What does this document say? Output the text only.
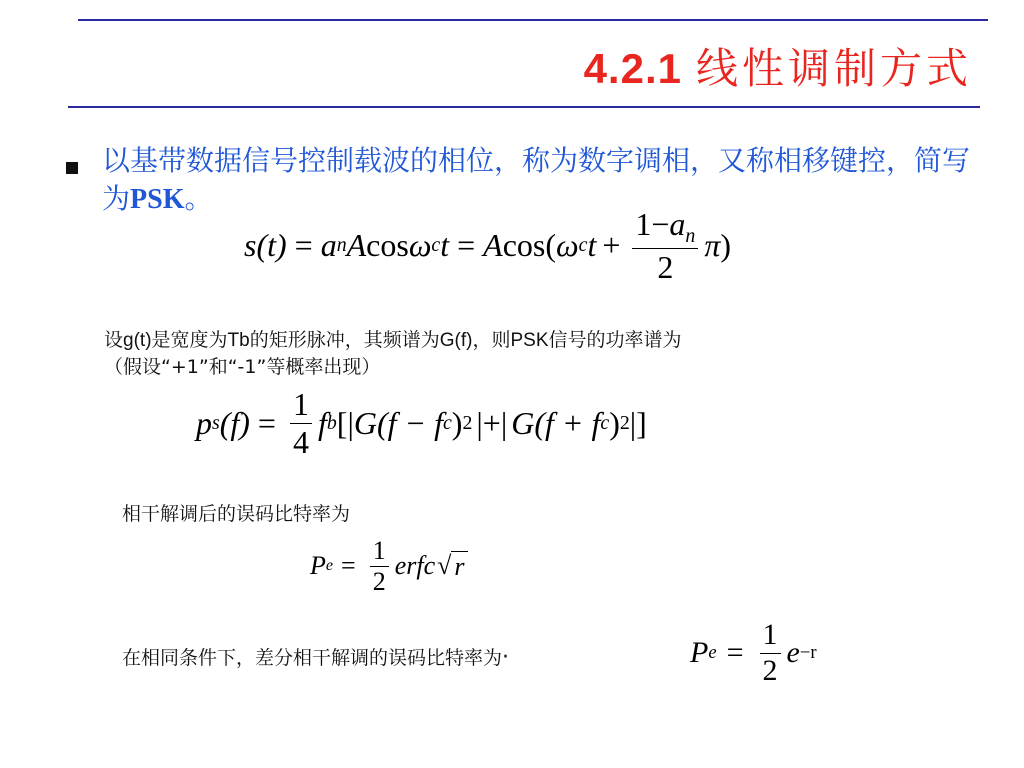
4.2.1 线性调制方式
以基带数据信号控制载波的相位，称为数字调相，又称相移键控，简写为PSK。
s(t) = a n A cos ω c t = A cos( ω c $t + \frac{1-a_n}{2}$ π )
设g(t)是宽度为Tb的矩形脉冲，其频谱为G(f)，则PSK信号的功率谱为
（假设“+1”和“-1”等概率出现）
p s $(f) = \frac{1}{4}$ f b [| G (f − f c ) 2 |+| G (f + f c ) 2 |]
相干解调后的误码比特率为
P $e = \frac{1}{2}$ erfc √ r
在相同条件下，差分相干解调的误码比特率为·	P $e = \frac{1}{2}$ e −r
